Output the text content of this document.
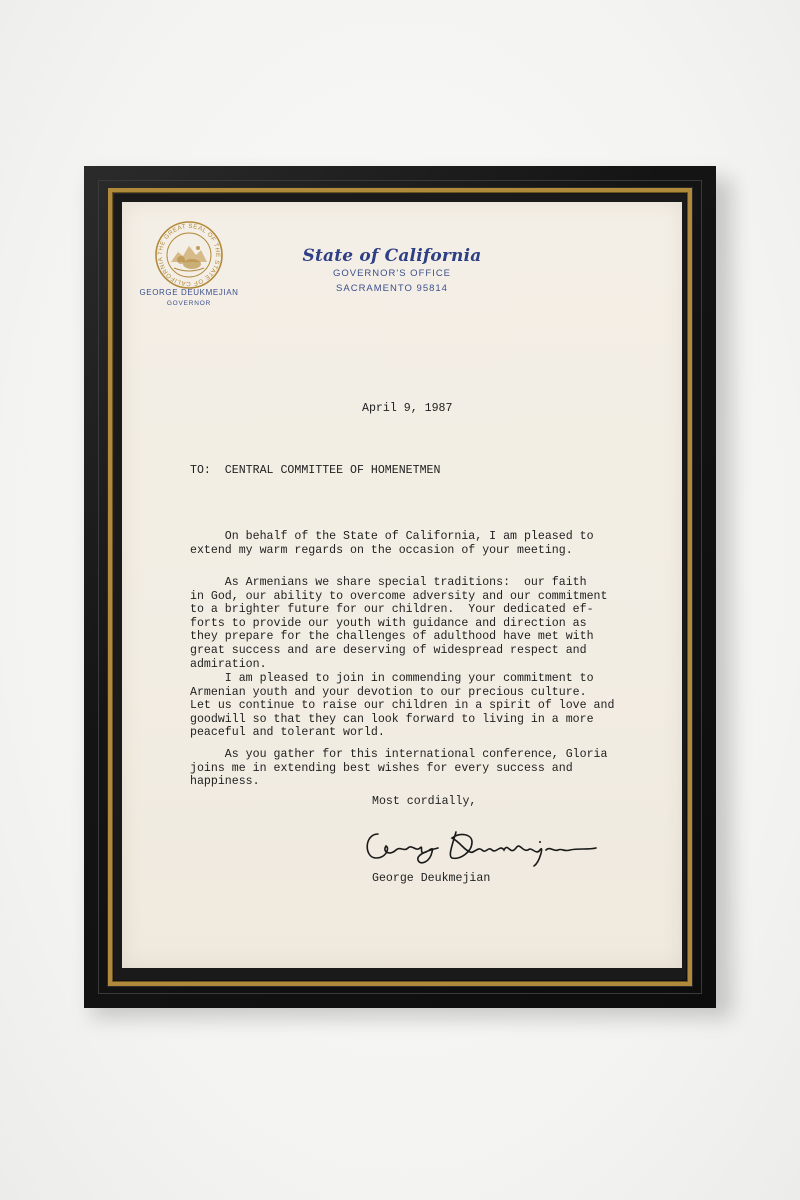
THE GREAT SEAL OF THE STATE OF CALIFORNIA
GEORGE DEUKMEJIAN
GOVERNOR
State of California
GOVERNOR'S OFFICE
SACRAMENTO 95814
April 9, 1987
TO:  CENTRAL COMMITTEE OF HOMENETMEN
On behalf of the State of California, I am pleased to
extend my warm regards on the occasion of your meeting.
As Armenians we share special traditions:  our faith
in God, our ability to overcome adversity and our commitment
to a brighter future for our children.  Your dedicated ef-
forts to provide our youth with guidance and direction as
they prepare for the challenges of adulthood have met with
great success and are deserving of widespread respect and
admiration.
I am pleased to join in commending your commitment to
Armenian youth and your devotion to our precious culture.
Let us continue to raise our children in a spirit of love and
goodwill so that they can look forward to living in a more
peaceful and tolerant world.
As you gather for this international conference, Gloria
joins me in extending best wishes for every success and
happiness.
Most cordially,
George Deukmejian
